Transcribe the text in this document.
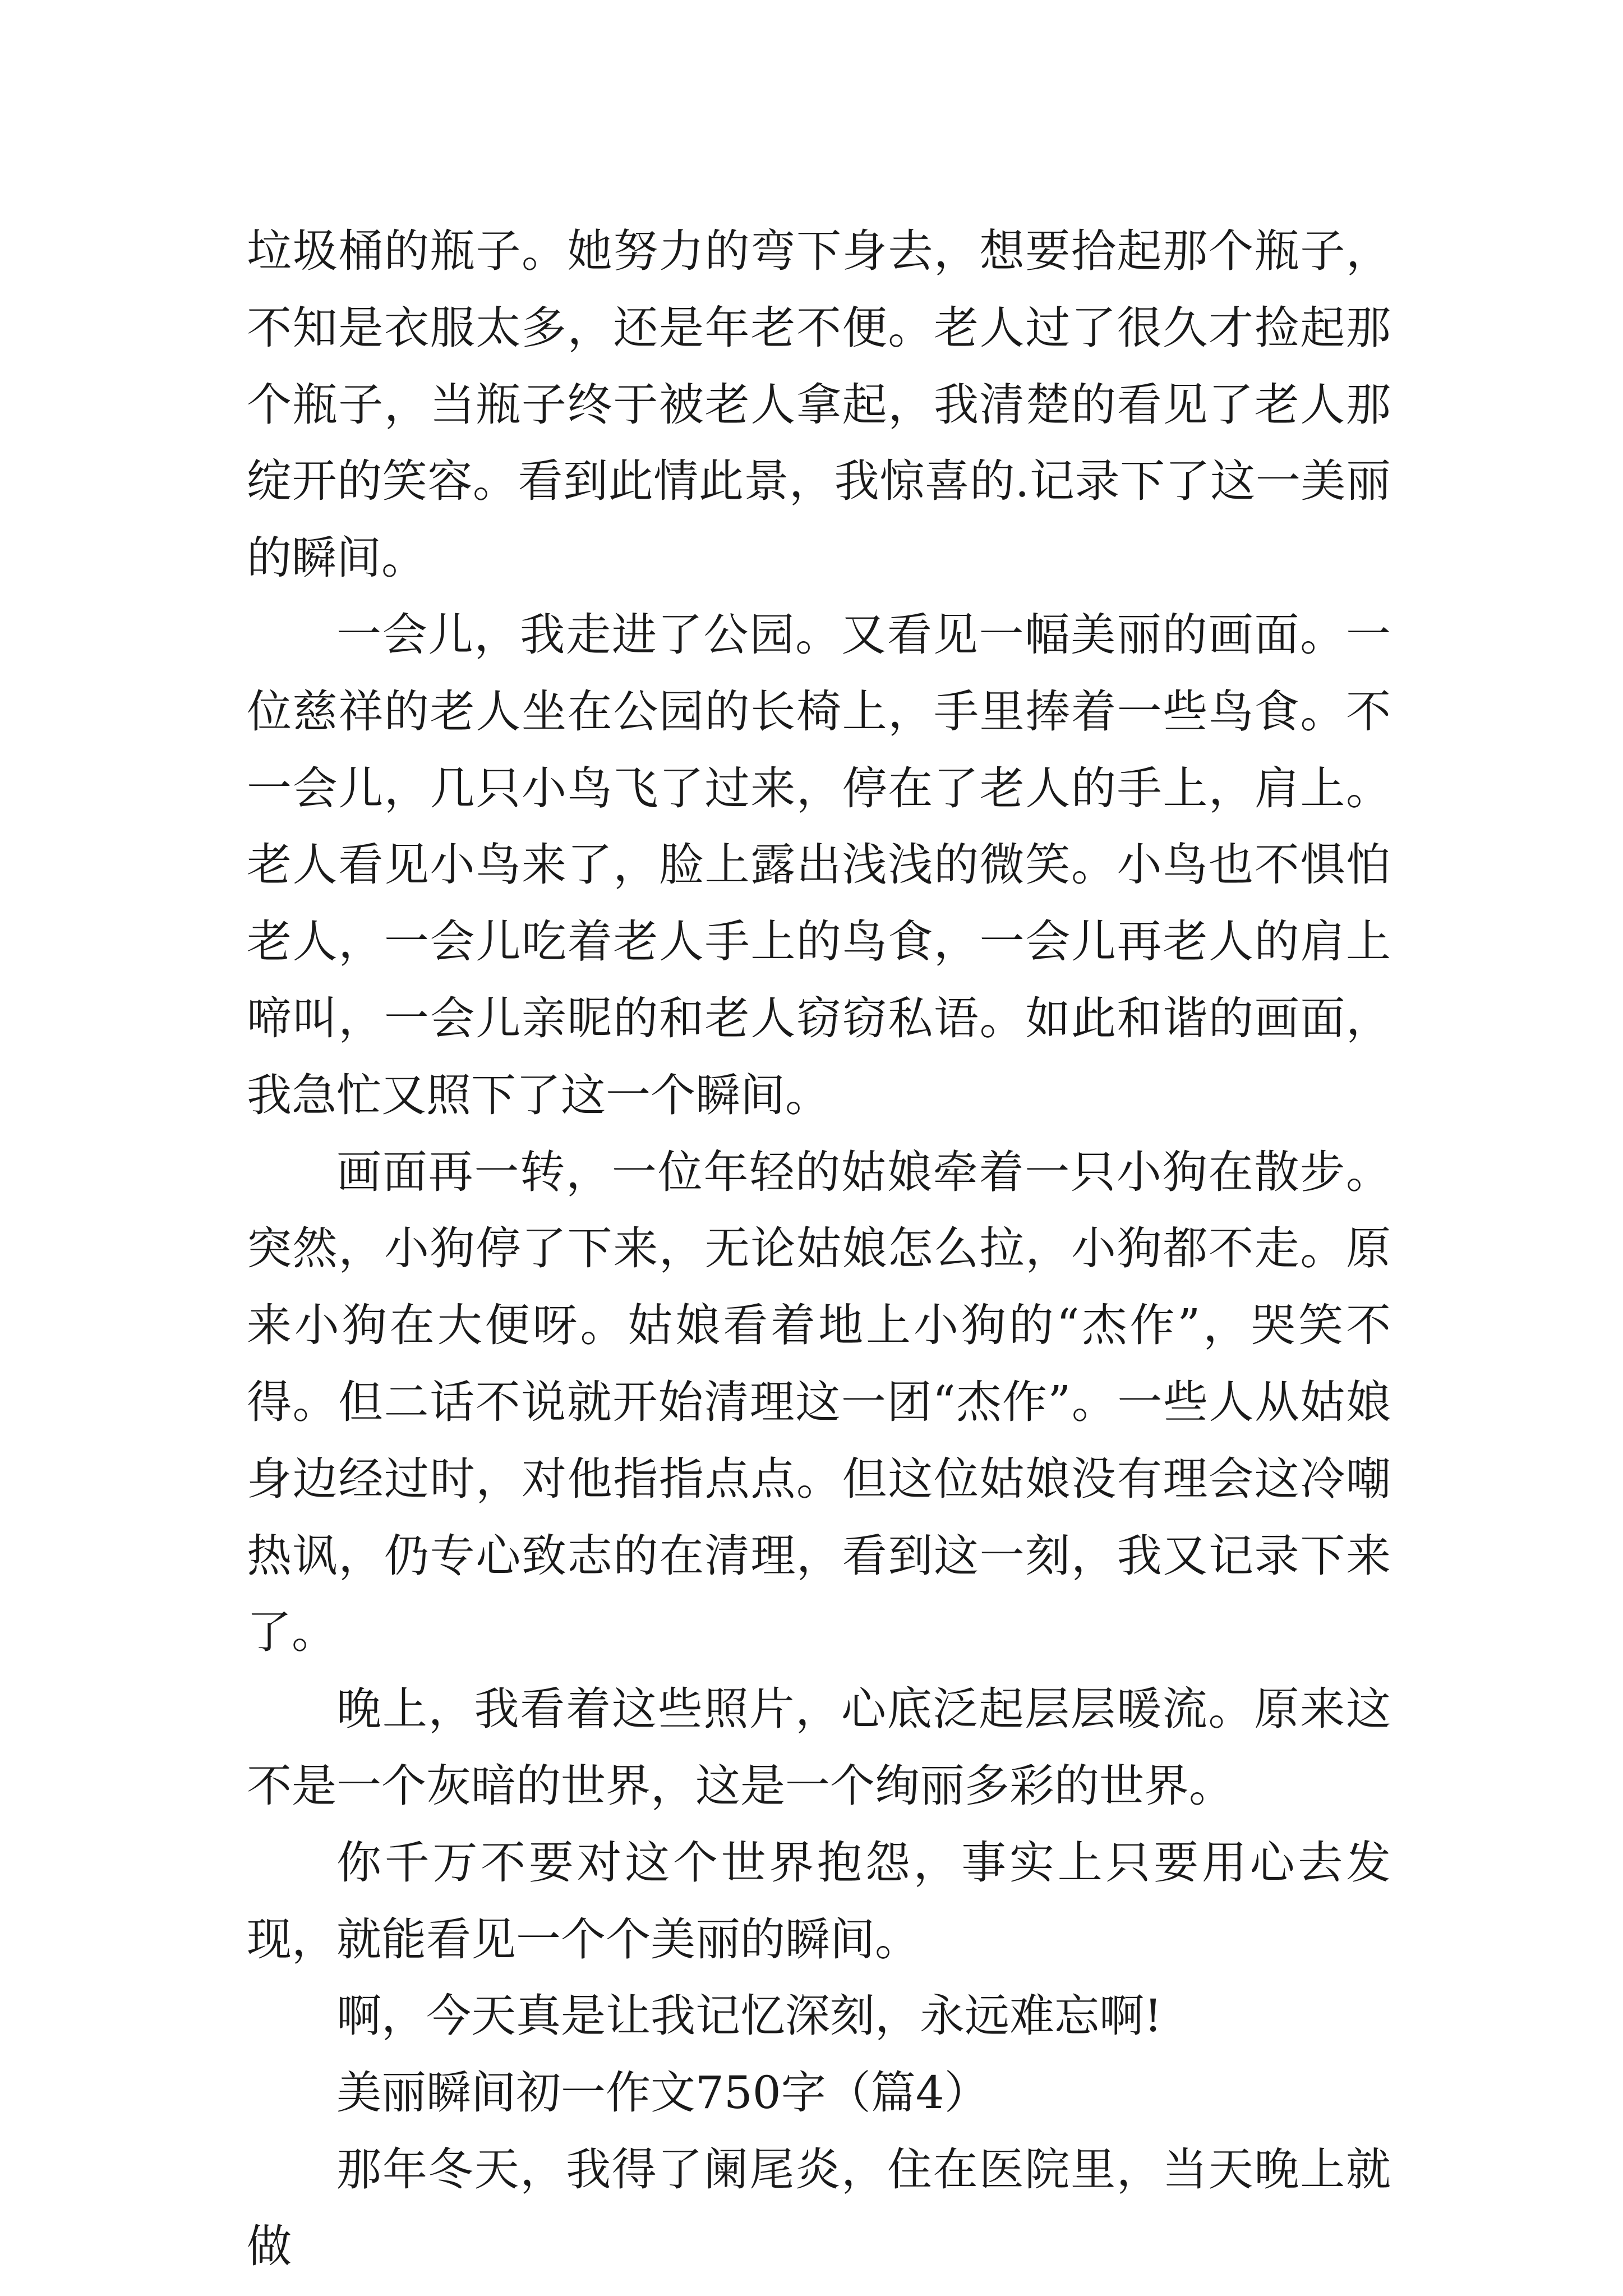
垃圾桶的瓶子。她努力的弯下身去，想要拾起那个瓶子，不知是衣服太多，还是年老不便。老人过了很久才捡起那个瓶子，当瓶子终于被老人拿起，我清楚的看见了老人那绽开的笑容。看到此情此景，我惊喜的.记录下了这一美丽的瞬间。

一会儿，我走进了公园。又看见一幅美丽的画面。一位慈祥的老人坐在公园的长椅上，手里捧着一些鸟食。不一会儿，几只小鸟飞了过来，停在了老人的手上，肩上。老人看见小鸟来了，脸上露出浅浅的微笑。小鸟也不惧怕老人，一会儿吃着老人手上的鸟食，一会儿再老人的肩上啼叫，一会儿亲昵的和老人窃窃私语。如此和谐的画面，我急忙又照下了这一个瞬间。

画面再一转，一位年轻的姑娘牵着一只小狗在散步。突然，小狗停了下来，无论姑娘怎么拉，小狗都不走。原来小狗在大便呀。姑娘看着地上小狗的“杰作”，哭笑不得。但二话不说就开始清理这一团“杰作”。一些人从姑娘身边经过时，对他指指点点。但这位姑娘没有理会这冷嘲热讽，仍专心致志的在清理，看到这一刻，我又记录下来了。

晚上，我看着这些照片，心底泛起层层暖流。原来这不是一个灰暗的世界，这是一个绚丽多彩的世界。

你千万不要对这个世界抱怨，事实上只要用心去发现，就能看见一个个美丽的瞬间。

啊，今天真是让我记忆深刻，永远难忘啊!

美丽瞬间初一作文750字（篇4）

那年冬天，我得了阑尾炎，住在医院里，当天晚上就做
